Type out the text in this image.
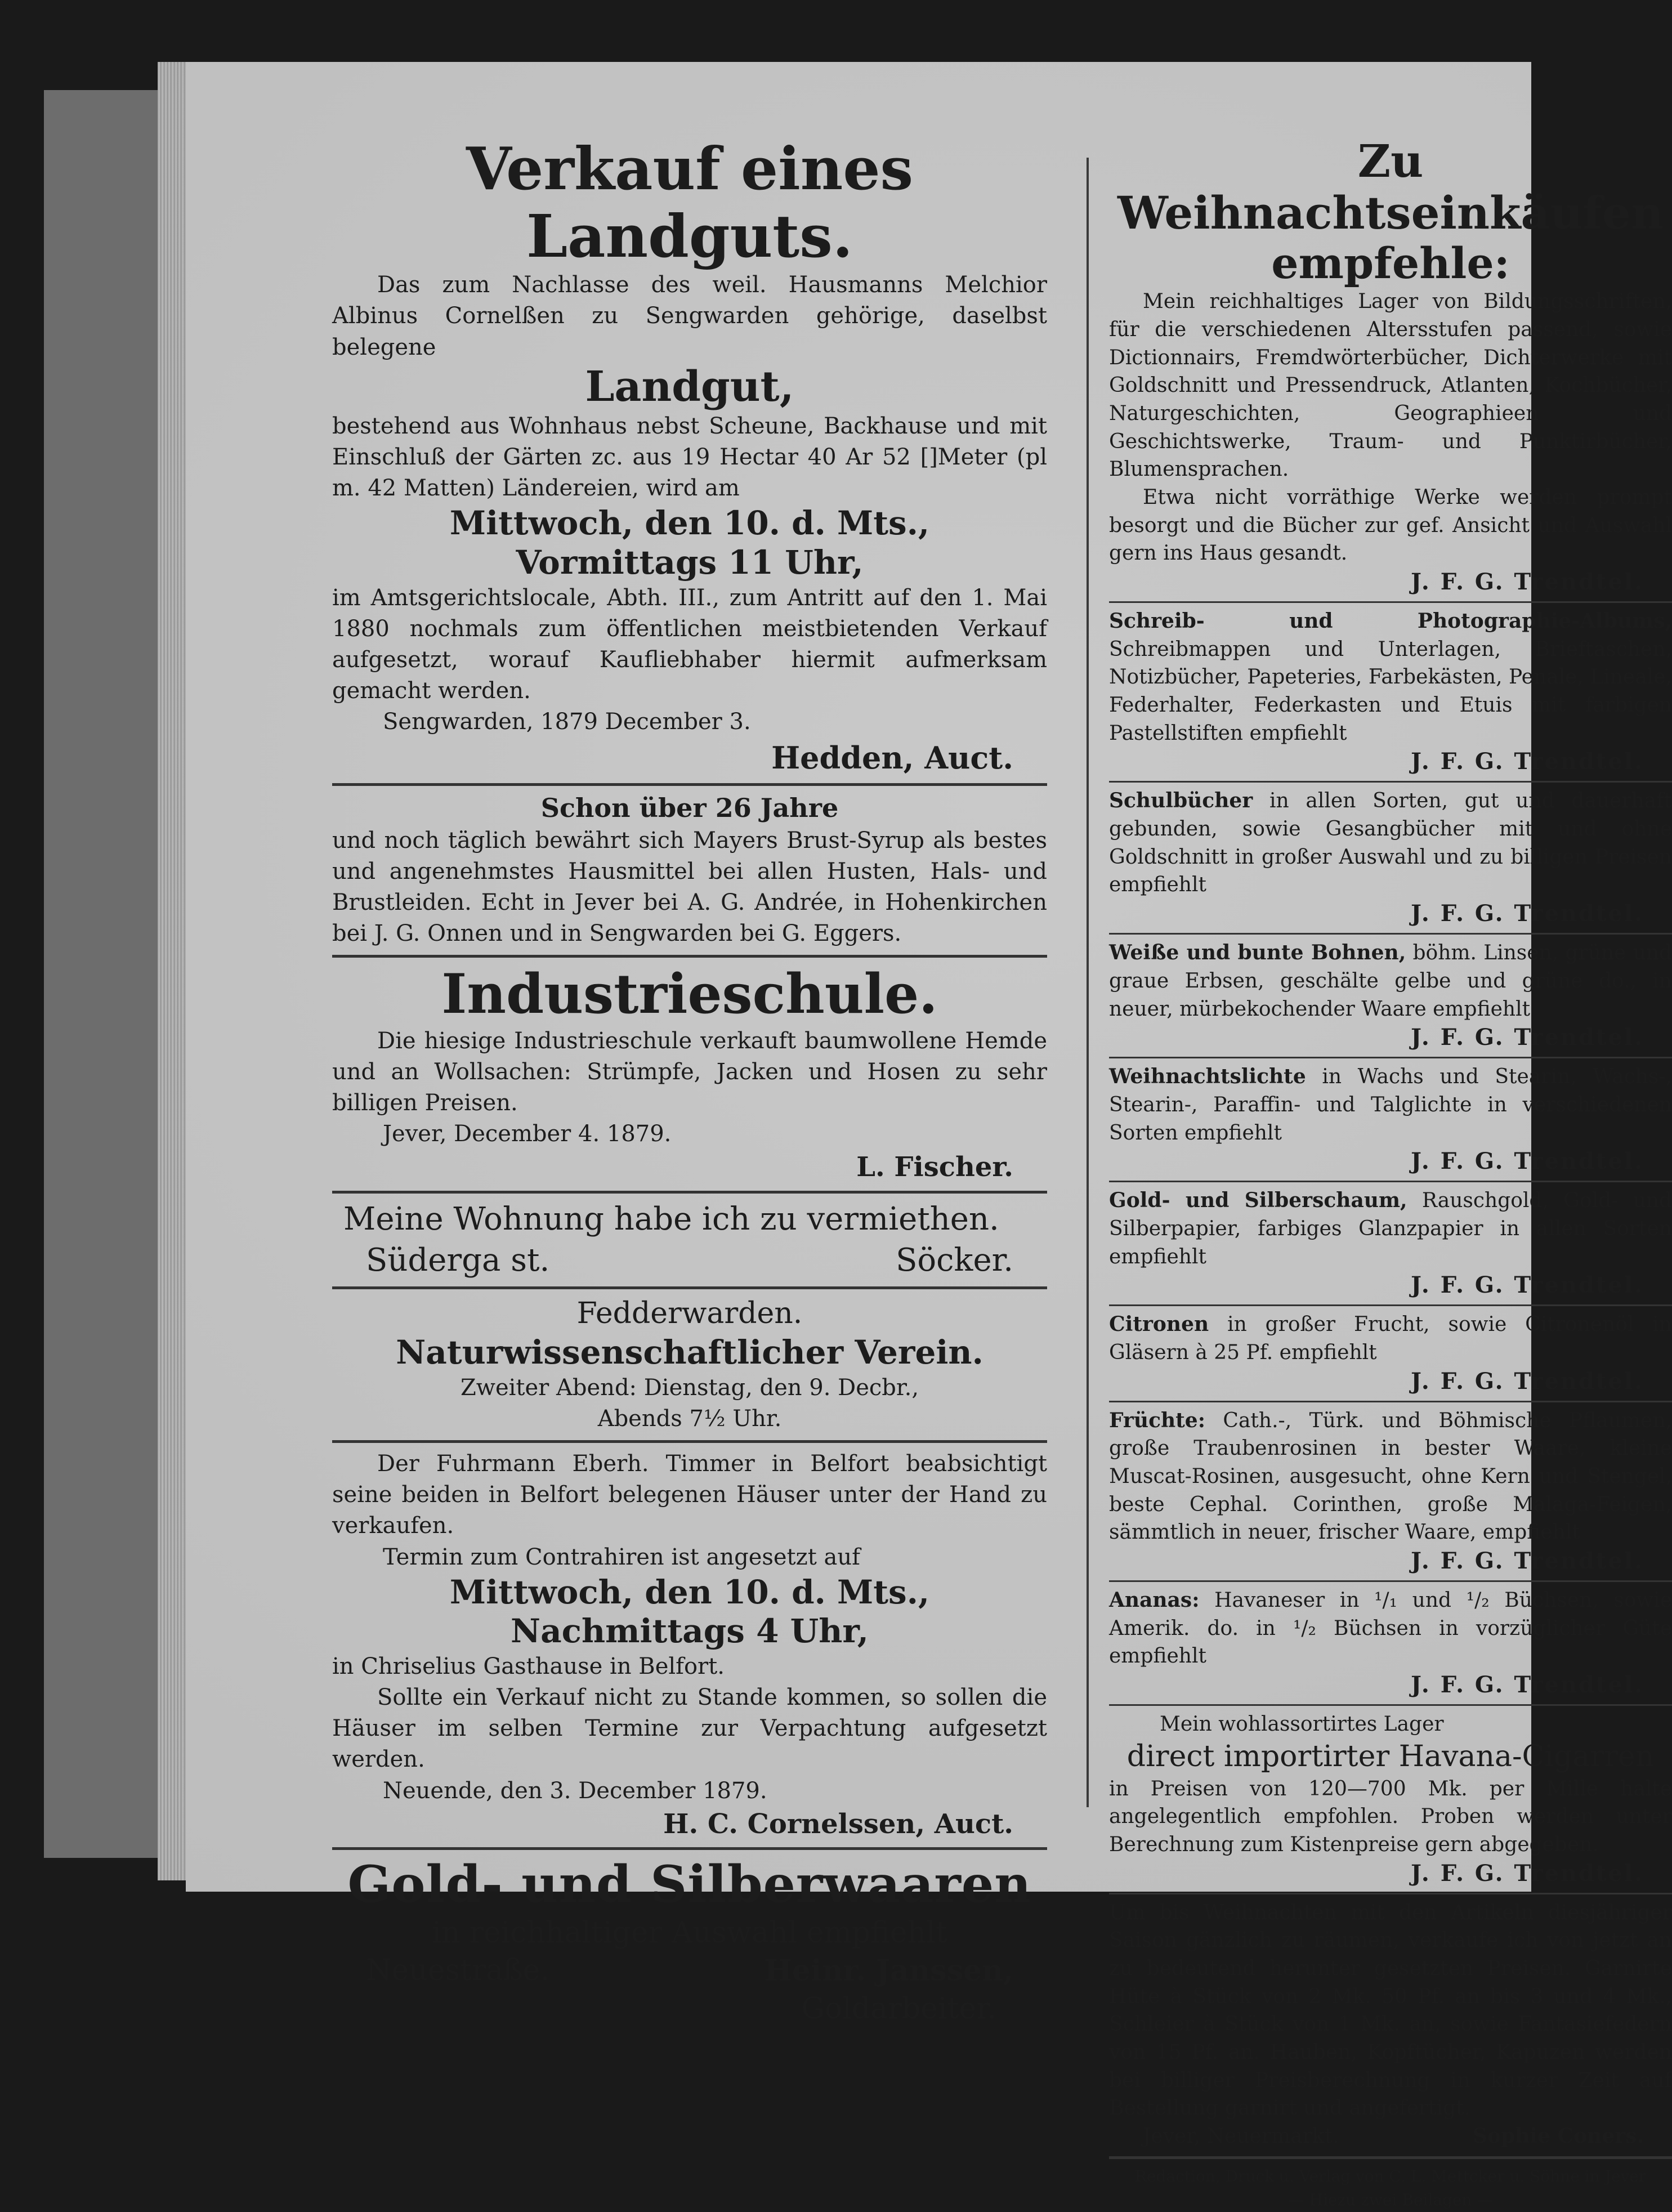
Verkauf eines Landguts.
Das zum Nachlasse des weil. Hausmanns Melchior Albinus Cornelßen zu Sengwarden gehörige, daselbst belegene
Landgut,
bestehend aus Wohnhaus nebst Scheune, Backhause und mit Einschluß der Gärten zc. aus 19 Hectar 40 Ar 52 []Meter (pl m. 42 Matten) Ländereien, wird am
Mittwoch, den 10. d. Mts.,
Vormittags 11 Uhr,
im Amtsgerichtslocale, Abth. III., zum Antritt auf den 1. Mai 1880 nochmals zum öffentlichen meistbietenden Verkauf aufgesetzt, worauf Kaufliebhaber hiermit aufmerksam gemacht werden.
Sengwarden, 1879 December 3.
Hedden, Auct.
Schon über 26 Jahre
und noch täglich bewährt sich Mayers Brust-Syrup als bestes und angenehmstes Hausmittel bei allen Husten, Hals- und Brustleiden. Echt in Jever bei A. G. Andrée, in Hohenkirchen bei J. G. Onnen und in Sengwarden bei G. Eggers.
Industrieschule.
Die hiesige Industrieschule verkauft baumwollene Hemde und an Wollsachen: Strümpfe, Jacken und Hosen zu sehr billigen Preisen.
Jever, December 4. 1879.
L. Fischer.
Meine Wohnung habe ich zu vermiethen.
Süderga st.	Söcker.
Fedderwarden.
Naturwissenschaftlicher Verein.
Zweiter Abend: Dienstag, den 9. Decbr.,
Abends 7½ Uhr.
Der Fuhrmann Eberh. Timmer in Belfort beabsichtigt seine beiden in Belfort belegenen Häuser unter der Hand zu verkaufen.
Termin zum Contrahiren ist angesetzt auf
Mittwoch, den 10. d. Mts.,
Nachmittags 4 Uhr,
in Chriselius Gasthause in Belfort.
Sollte ein Verkauf nicht zu Stande kommen, so sollen die Häuser im selben Termine zur Verpachtung aufgesetzt werden.
Neuende, den 3. December 1879.
H. C. Cornelssen, Auct.
Gold- und Silberwaaren
in reichhaltiger Auswahl empfiehlt
Neuestraße.	Heinr. Janssen,
Goldarbeiter.
Zu Weihnachtseinkäufen
empfehle:
Mein reichhaltiges Lager von Bildungsschriften, für die verschiedenen Altersstufen passend, sowie Dictionnairs, Fremdwörterbücher, Dichterwerke mit Goldschnitt und Pressendruck, Atlanten, Kochbücher, Naturgeschichten, Geographieen und Geschichtswerke, Traum- und Punktirbücher, Blumensprachen.
Etwa nicht vorräthige Werke werden prompt besorgt und die Bücher zur gef. Ansicht und Auswahl gern ins Haus gesandt.
J. F. G. Trendtel.
Schreib- und Photographie-Albums, Schreibmappen und Unterlagen, Brieftaschen, Notizbücher, Papeteries, Farbekästen, Penale, Lineale, Federhalter, Federkasten und Etuis mit farbigen Pastellstiften empfiehlt
J. F. G. Trendtel.
Schulbücher in allen Sorten, gut und dauerhaft gebunden, sowie Gesangbücher mit und ohne Goldschnitt in großer Auswahl und zu billigen Preisen empfiehlt
J. F. G. Trendtel.
Weiße und bunte Bohnen, böhm. Linsen, grüne und graue Erbsen, geschälte gelbe und grüne do., in neuer, mürbekochender Waare empfiehlt
J. F. G. Trendtel.
Weihnachtslichte in Wachs und Stearin, Wachs-, Stearin-, Paraffin- und Talglichte in verschiedenen Sorten empfiehlt
J. F. G. Trendtel.
Gold- und Silberschaum, Rauschgold, Gold- und Silberpapier, farbiges Glanzpapier in allen Sorten empfiehlt
J. F. G. Trendtel.
Citronen in großer Frucht, sowie Citronenöl in Gläsern à 25 Pf. empfiehlt
J. F. G. Trendtel.
Früchte: Cath.-, Türk. und Böhmische Pflaumen, große Traubenrosinen in bester Waare, kleine Muscat-Rosinen, ausgesucht, ohne Kern und Stengel, beste Cephal. Corinthen, große Malaga-Feigen, sämmtlich in neuer, frischer Waare, empfiehlt
J. F. G. Trendtel.
Ananas: Havaneser in ¹/₁ und ¹/₂ Büchsen, sowie Amerik. do. in ¹/₂ Büchsen in vorzüglicher Güte empfiehlt
J. F. G. Trendtel.
Mein wohlassortirtes Lager
direct importirter Havana-Cigarren
in Preisen von 120—700 Mk. per Mille halte angelegentlich empfohlen. Proben werden unter Berechnung zum Kistenpreise gern abgegeben.
J. F. G. Trendtel.
Um bis Weihnachten mit den Artikeln diesjähriger Saison gänzlich zu räumen, verkaufe ich von jetzt an zu bedeutend herunter gesetzten Preisen. Garnirte Hüte à Stück von 2 Mk. 50 Pf. an bis 3 und 4 Mk., Schleier à Stück von 1 Mk. an, sowie Fantasiefedern von 15 Pf. an. Hauben, Kopftücher, Kapuzen werden bei billiger Preisberechnung in kurzer Zeit auf Bestellung garnirt und angefertigt.
Jever, Neuermarkt.	Sophie Coners.
Redaction, Druck u. Verlag von C. L. Mettcker u. Söhne in Jever
— Hiezu zwei Beilagen —
